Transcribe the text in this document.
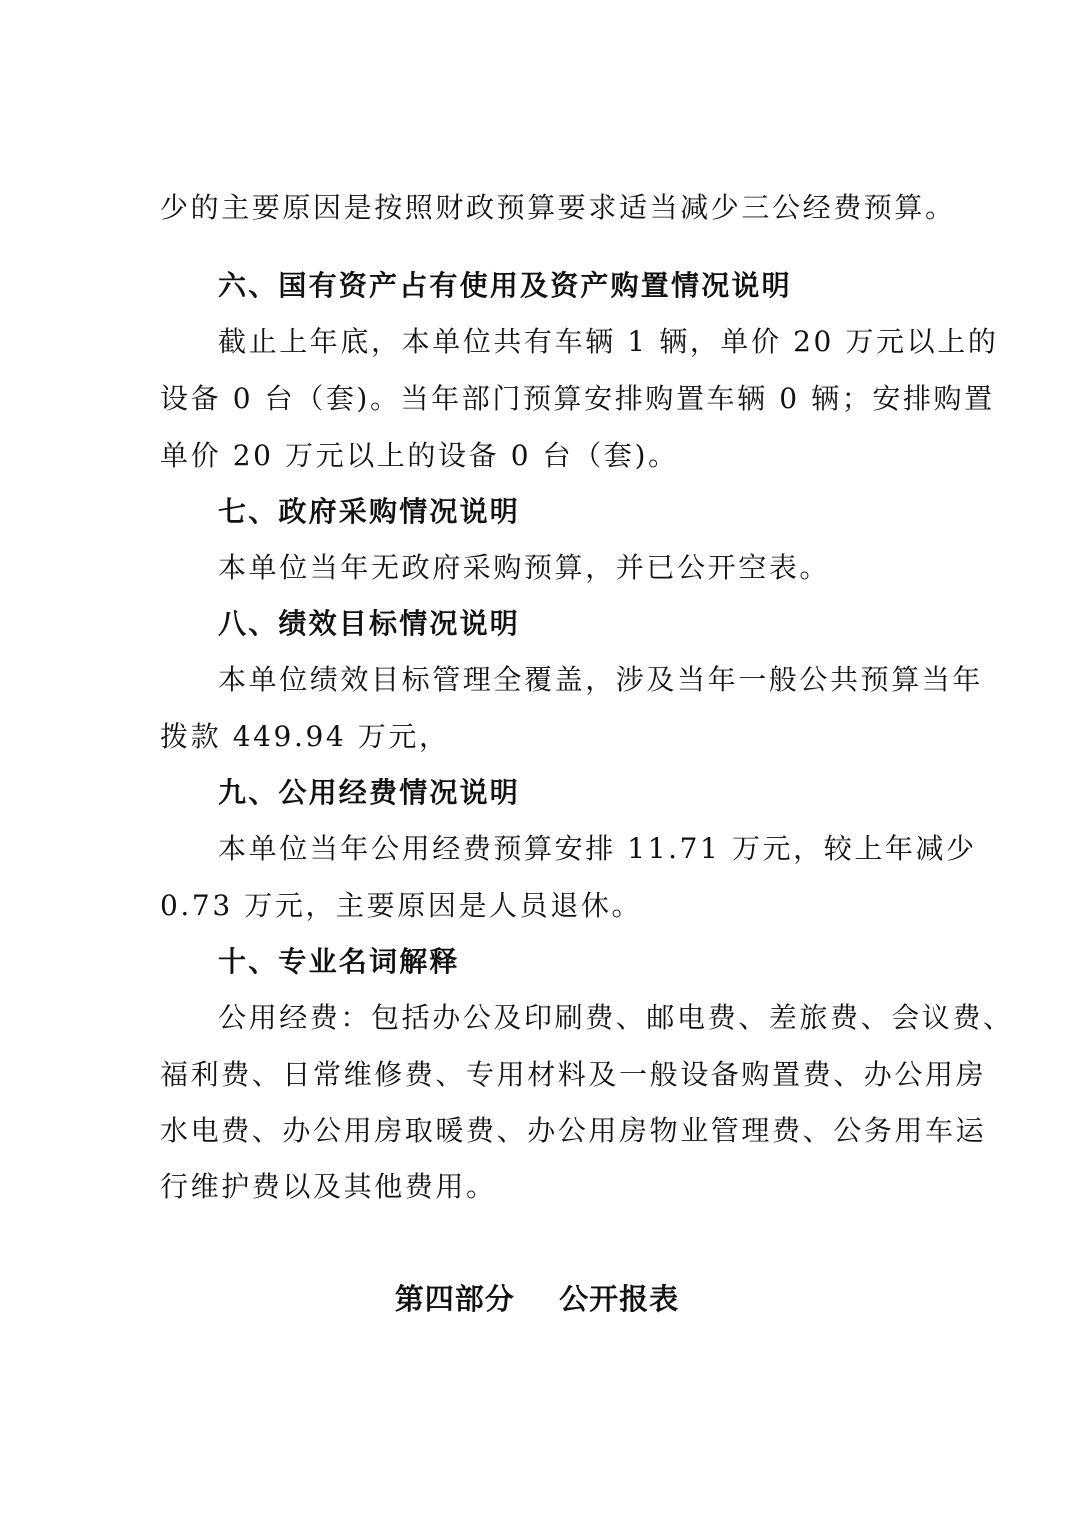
少的主要原因是按照财政预算要求适当减少三公经费预算。
六、国有资产占有使用及资产购置情况说明
截止上年底，本单位共有车辆 1 辆，单价 20 万元以上的
设备 0 台（套)。当年部门预算安排购置车辆 0 辆；安排购置
单价 20 万元以上的设备 0 台（套)。
七、政府采购情况说明
本单位当年无政府采购预算，并已公开空表。
八、绩效目标情况说明
本单位绩效目标管理全覆盖，涉及当年一般公共预算当年
拨款 449.94 万元，
九、公用经费情况说明
本单位当年公用经费预算安排 11.71 万元，较上年减少
0.73 万元，主要原因是人员退休。
十、专业名词解释
公用经费：包括办公及印刷费、邮电费、差旅费、会议费、
福利费、日常维修费、专用材料及一般设备购置费、办公用房
水电费、办公用房取暖费、办公用房物业管理费、公务用车运
行维护费以及其他费用。
第四部分    公开报表
